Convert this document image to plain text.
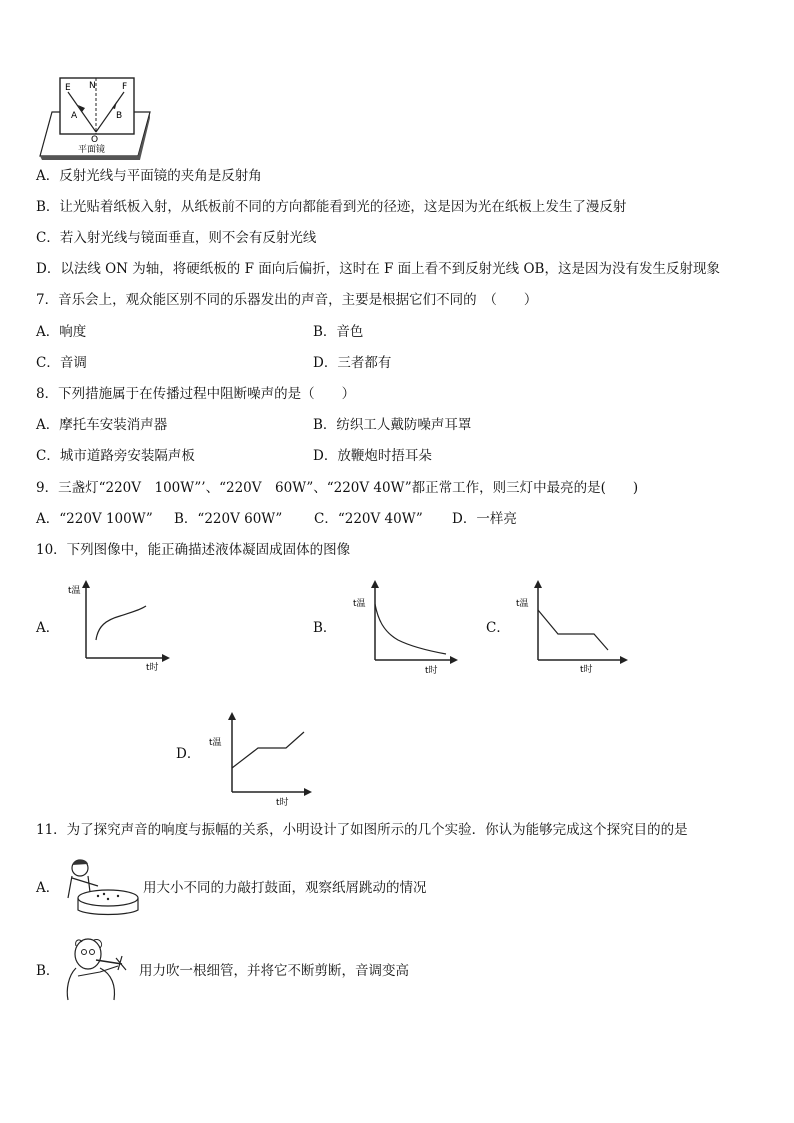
E N	F
A	B
O
平面镜
A．反射光线与平面镜的夹角是反射角
B．让光贴着纸板入射，从纸板前不同的方向都能看到光的径迹，这是因为光在纸板上发生了漫反射
C．若入射光线与镜面垂直，则不会有反射光线
D．以法线 ON 为轴，将硬纸板的 F 面向后偏折，这时在 F 面上看不到反射光线 OB，这是因为没有发生反射现象
7．音乐会上，观众能区别不同的乐器发出的声音，主要是根据它们不同的　（　　）
A．响度	B．音色
C．音调	D．三者都有
8．下列措施属于在传播过程中阻断噪声的是（　　）
A．摩托车安装消声器	B．纺织工人戴防噪声耳罩
C．城市道路旁安装隔声板	D．放鞭炮时捂耳朵
9．三盏灯“220V　100W”’、“220V　60W”、“220V 40W”都正常工作，则三灯中最亮的是(　　)
A．“220V 100W” B．“220V 60W” C．“220V 40W” D．一样亮
10．下列图像中，能正确描述液体凝固成固体的图像
A．
t温
t时
B．
t温
t时
C．
t温
t时
D．
t温
t时
11．为了探究声音的响度与振幅的关系，小明设计了如图所示的几个实验．你认为能够完成这个探究目的的是
A．	用大小不同的力敲打鼓面，观察纸屑跳动的情况
B．	用力吹一根细管，并将它不断剪断，音调变高
